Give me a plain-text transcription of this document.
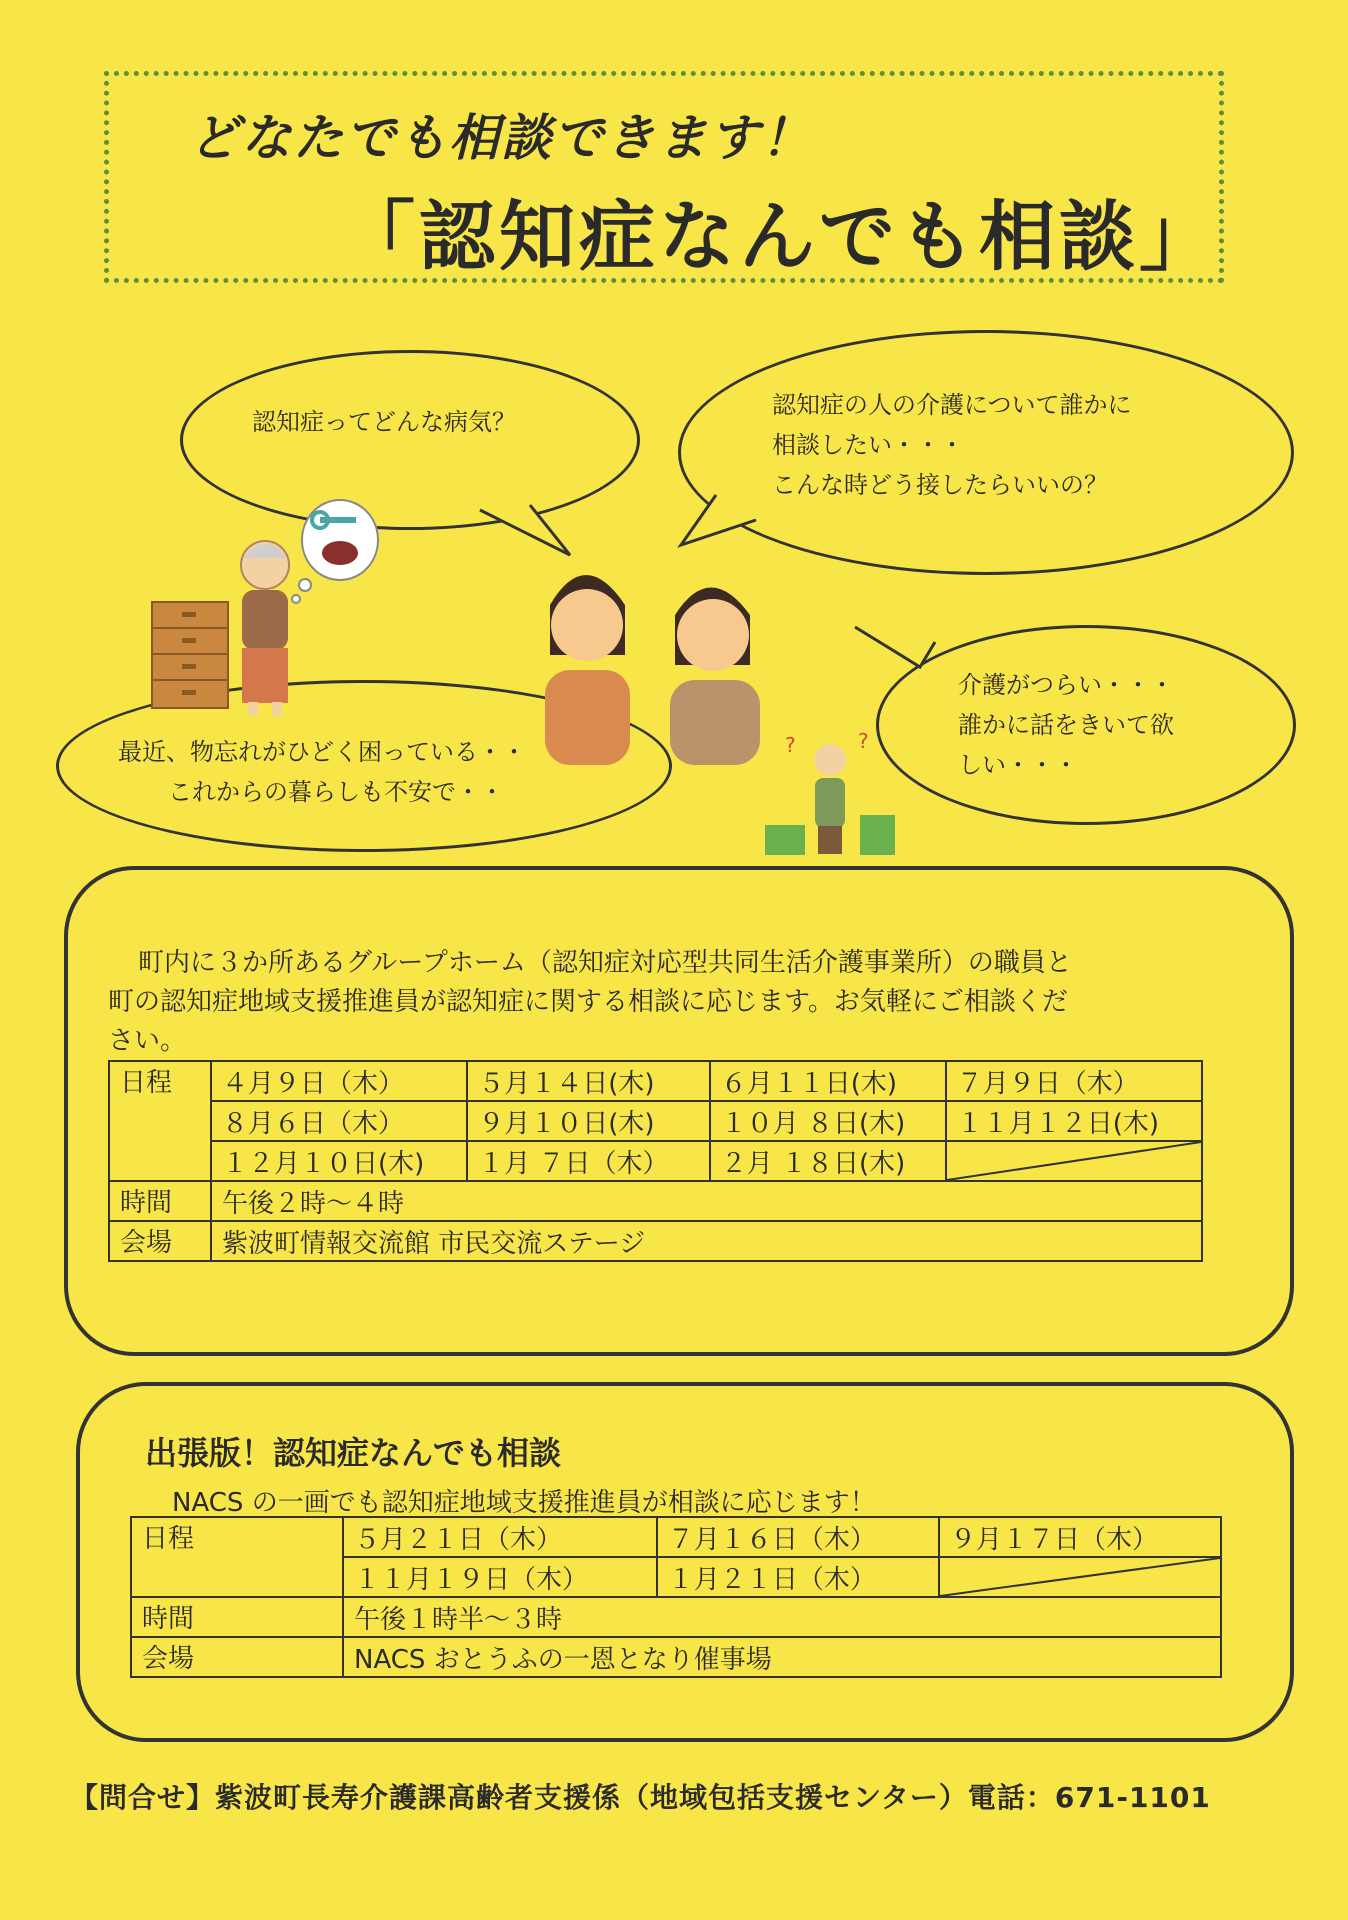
どなたでも相談できます！
「認知症なんでも相談」
認知症ってどんな病気？
認知症の人の介護について誰かに
相談したい・・・
こんな時どう接したらいいの？
最近、物忘れがひどく困っている・・
これからの暮らしも不安で・・
介護がつらい・・・
誰かに話をきいて欲
しい・・・
?	?
町内に３か所あるグループホーム（認知症対応型共同生活介護事業所）の職員と
町の認知症地域支援推進員が認知症に関する相談に応じます。お気軽にご相談くだ
さい。
日程	４月９日（木）	５月１４日(木)	６月１１日(木)	７月９日（木）
	８月６日（木）	９月１０日(木)	１０月 ８日(木)	１１月１２日(木)
	１２月１０日(木)	１月 ７日（木）	２月 １８日(木)	

時間	午後２時～４時			
会場	紫波町情報交流館 市民交流ステージ			
出張版！認知症なんでも相談
NACS の一画でも認知症地域支援推進員が相談に応じます！
日程	５月２１日（木）	７月１６日（木）	９月１７日（木）
	１１月１９日（木）	１月２１日（木）	

時間	午後１時半～３時		
会場	NACS おとうふの一恩となり催事場		
【問合せ】紫波町長寿介護課高齢者支援係（地域包括支援センター）電話：671-1101
